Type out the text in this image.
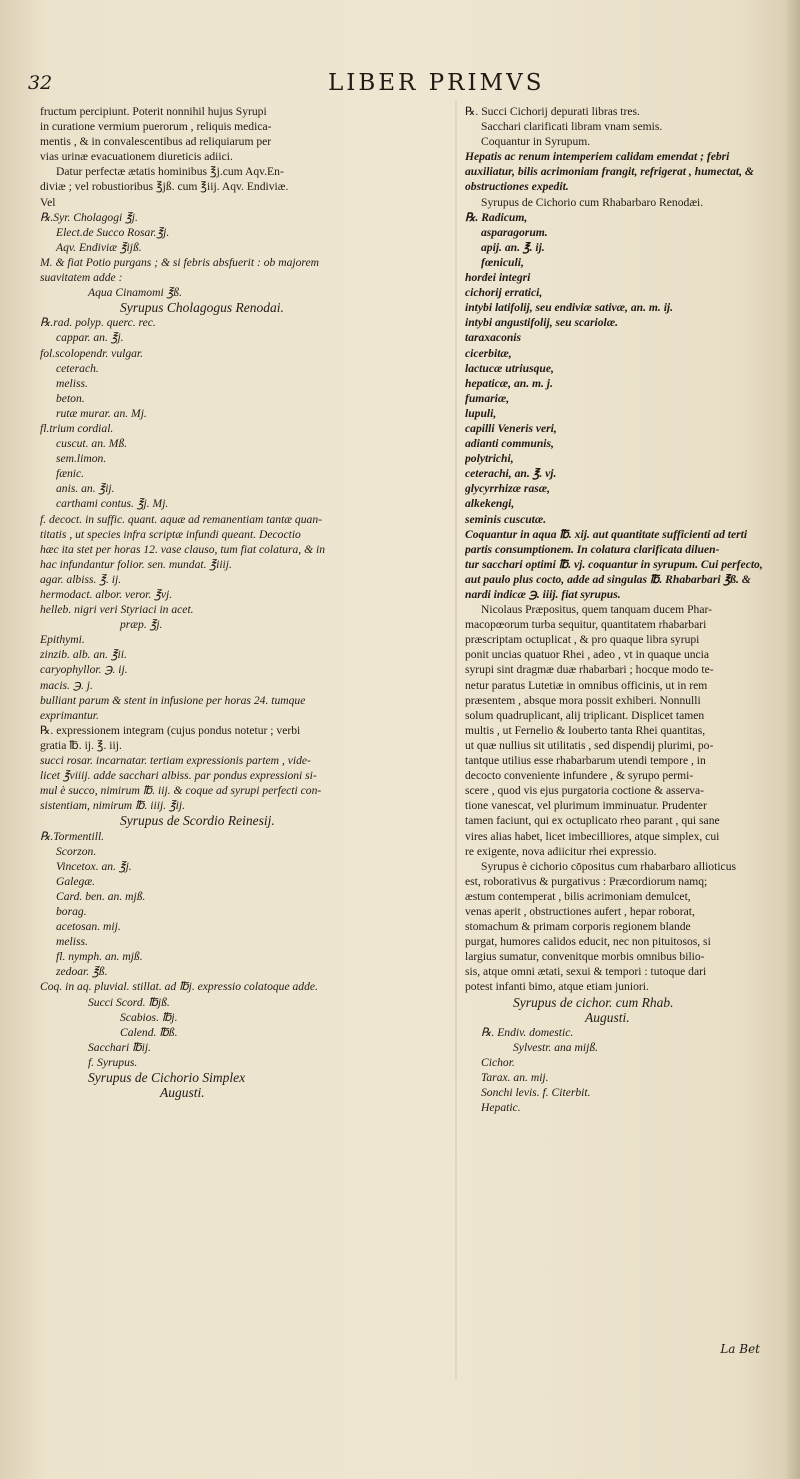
32	LIBER PRIMVS
fructum percipiunt. Poterit nonnihil hujus Syrupi
in curatione vermium puerorum , reliquis medica-
mentis , & in convalescentibus ad reliquiarum per
vias urinæ evacuationem diureticis adiici.
Datur perfectæ ætatis hominibus ℥j.cum Aqv.En-
diviæ ; vel robustioribus ℥jß. cum ℥iij. Aqv. Endiviæ.
Vel
℞.Syr. Cholagogi ℥j.
Elect.de Succo Rosar.℥j.
Aqv. Endiviæ ℥ijß.
M. & fiat Potio purgans ; & si febris absfuerit : ob majorem
suavitatem adde :
Aqua Cinamomi ℥ß.
Syrupus Cholagogus Renodai.
℞.rad. polyp. querc. rec.
cappar. an. ℥j.
fol.scolopendr. vulgar.
ceterach.
meliss.
beton.
rutæ murar. an. Mj.
fl.trium cordial.
cuscut. an. Mß.
sem.limon.
fænic.
anis. an. ℥ij.
carthami contus. ℥j. Mj.
f. decoct. in suffic. quant. aquæ ad remanentiam tantæ quan-
titatis , ut species infra scriptæ infundi queant. Decoctio
hæc ita stet per horas 12. vase clauso, tum fiat colatura, & in
hac infundantur folior. sen. mundat. ℥iiij.
agar. albiss. ℥. ij.
hermodact. albor. veror. ℥vj.
helleb. nigri veri Styriaci in acet.
præp. ℥j.
Epithymi.
zinzib. alb. an. ℥ii.
caryophyllor. ℈. ij.
macis. ℈. j.
bulliant parum & stent in infusione per horas 24. tumque
exprimantur.
℞. expressionem integram (cujus pondus notetur ; verbi
gratia ℔. ij. ℥. iij.
succi rosar. incarnatar. tertiam expressionis partem , vide-
licet ℥viiij. adde sacchari albiss. par pondus expressioni si-
mul è succo, nimirum ℔. iij. & coque ad syrupi perfecti con-
sistentiam, nimirum ℔. iiij. ℥ij.
Syrupus de Scordio Reinesij.
℞.Tormentill.
Scorzon.
Vincetox. an. ℥j.
Galegæ.
Card. ben. an. mjß.
borag.
acetosan. mij.
meliss.
fl. nymph. an. mjß.
zedoar. ℥ß.
Coq. in aq. pluvial. stillat. ad ℔j. expressio colatoque adde.
Succi Scord. ℔jß.
Scabios. ℔j.
Calend. ℔ß.
Sacchari ℔ij.
f. Syrupus.
Syrupus de Cichorio Simplex
Augusti.
℞. Succi Cichorij depurati libras tres.
Sacchari clarificati libram vnam semis.
Coquantur in Syrupum.
Hepatis ac renum intemperiem calidam emendat ; febri
auxiliatur, bilis acrimoniam frangit, refrigerat , humectat, &
obstructiones expedit.
Syrupus de Cichorio cum Rhabarbaro Renodæi.
℞. Radicum,
asparagorum.
apij. an. ℥. ij.
fœniculi,
hordei integri
cichorij erratici,
intybi latifolij, seu endiviæ sativæ, an. m. ij.
intybi angustifolij, seu scariolæ.
taraxaconis
cicerbitæ,
lactucæ utriusque,
hepaticæ, an. m. j.
fumariæ,
lupuli,
capilli Veneris veri,
adianti communis,
polytrichi,
ceterachi, an. ℥. vj.
glycyrrhizæ rasæ,
alkekengi,
seminis cuscutæ.
Coquantur in aqua ℔. xij. aut quantitate sufficienti ad terti
partis consumptionem. In colatura clarificata diluen-
tur sacchari optimi ℔. vj. coquantur in syrupum. Cui perfecto,
aut paulo plus cocto, adde ad singulas ℔. Rhabarbari ℥ß. &
nardi indicæ ℈. iiij. fiat syrupus.
Nicolaus Præpositus, quem tanquam ducem Phar-
macopœorum turba sequitur, quantitatem rhabarbari
præscriptam octuplicat , & pro quaque libra syrupi
ponit uncias quatuor Rhei , adeo , vt in quaque uncia
syrupi sint dragmæ duæ rhabarbari ; hocque modo te-
netur paratus Lutetiæ in omnibus officinis, ut in rem
præsentem , absque mora possit exhiberi. Nonnulli
solum quadruplicant, alij triplicant. Displicet tamen
multis , ut Fernelio & Iouberto tanta Rhei quantitas,
ut quæ nullius sit utilitatis , sed dispendij plurimi, po-
tantque utilius esse rhabarbarum utendi tempore , in
decocto conveniente infundere , & syrupo permi-
scere , quod vis ejus purgatoria coctione & asserva-
tione vanescat, vel plurimum imminuatur. Prudenter
tamen faciunt, qui ex octuplicato rheo parant , qui sane
vires alias habet, licet imbecilliores, atque simplex, cui
re exigente, nova adiicitur rhei expressio.
Syrupus è cichorio cōpositus cum rhabarbaro allioticus
est, roborativus & purgativus : Præcordiorum namq;
æstum contemperat , bilis acrimoniam demulcet,
venas aperit , obstructiones aufert , hepar roborat,
stomachum & primam corporis regionem blande
purgat, humores calidos educit, nec non pituitosos, si
largius sumatur, convenitque morbis omnibus bilio-
sis, atque omni ætati, sexui & tempori : tutoque dari
potest infanti bimo, atque etiam juniori.
Syrupus de cichor. cum Rhab.
Augusti.
℞. Endiv. domestic.
Sylvestr. ana mijß.
Cichor.
Tarax. an. mij.
Sonchi levis. f. Citerbit.
Hepatic.
La Bet
